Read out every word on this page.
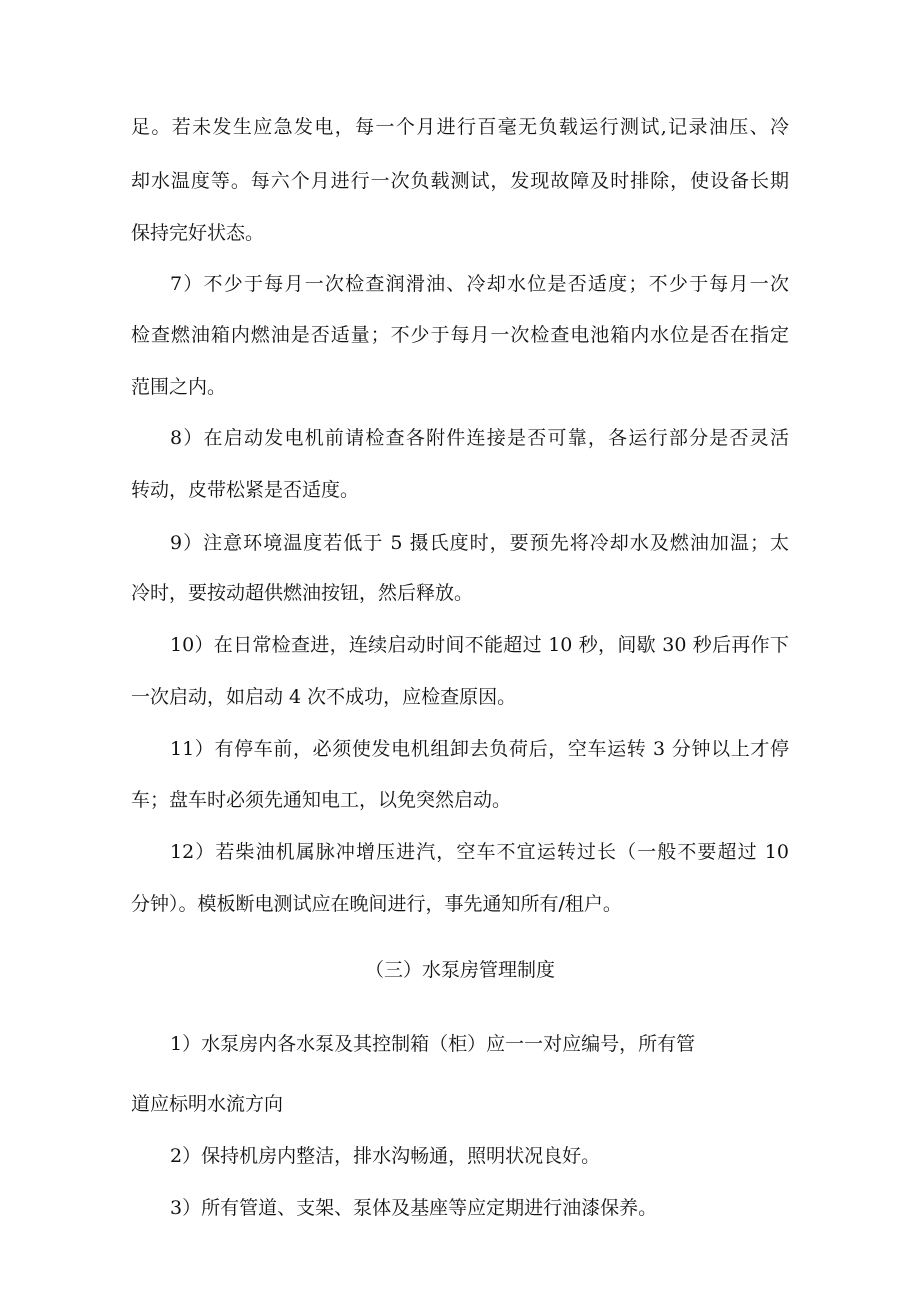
足。若未发生应急发电，每一个月进行百毫无负载运行测试,记录油压、冷

却水温度等。每六个月进行一次负载测试，发现故障及时排除，使设备长期

保持完好状态。

7）不少于每月一次检查润滑油、冷却水位是否适度；不少于每月一次

检查燃油箱内燃油是否适量；不少于每月一次检查电池箱内水位是否在指定

范围之内。

8）在启动发电机前请检查各附件连接是否可靠，各运行部分是否灵活

转动，皮带松紧是否适度。

9）注意环境温度若低于 5 摄氏度时，要预先将冷却水及燃油加温；太

冷时，要按动超供燃油按钮，然后释放。

10）在日常检查进，连续启动时间不能超过 10 秒，间歇 30 秒后再作下

一次启动，如启动 4 次不成功，应检查原因。

11）有停车前，必须使发电机组卸去负荷后，空车运转 3 分钟以上才停

车；盘车时必须先通知电工，以免突然启动。

12）若柴油机属脉冲增压进汽，空车不宜运转过长（一般不要超过 10

分钟）。模板断电测试应在晚间进行，事先通知所有/租户。

（三）水泵房管理制度

1）水泵房内各水泵及其控制箱（柜）应一一对应编号，所有管

道应标明水流方向

2）保持机房内整洁，排水沟畅通，照明状况良好。

3）所有管道、支架、泵体及基座等应定期进行油漆保养。
